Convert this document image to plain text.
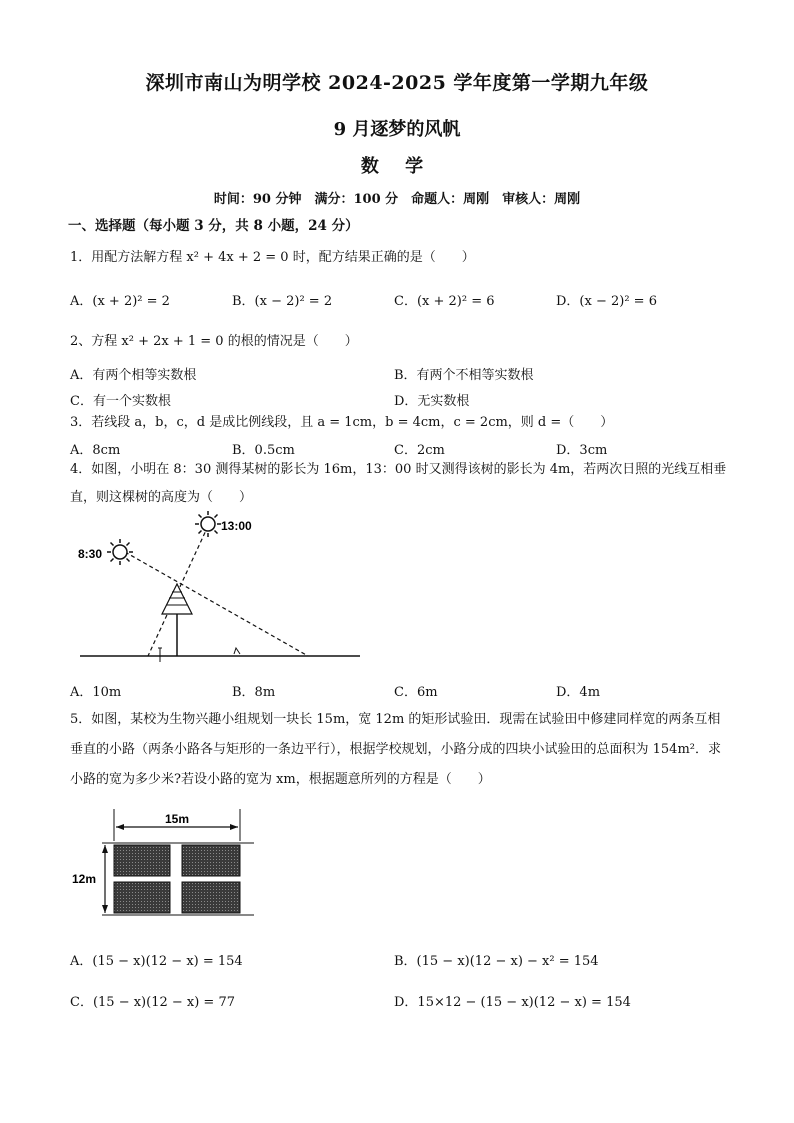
深圳市南山为明学校 2024-2025 学年度第一学期九年级
9 月逐梦的风帆
数 学
时间：90 分钟　满分：100 分　命题人：周刚　审核人：周刚
一、选择题（每小题 3 分，共 8 小题，24 分）
1．用配方法解方程 x² + 4x + 2 = 0 时，配方结果正确的是（　　）
A．(x + 2)² = 2	B．(x − 2)² = 2	C．(x + 2)² = 6	D．(x − 2)² = 6
2、方程 x² + 2x + 1 = 0 的根的情况是（　　）
A．有两个相等实数根	B．有两个不相等实数根
C．有一个实数根	D．无实数根
3．若线段 a，b，c，d 是成比例线段，且 a = 1cm，b = 4cm，c = 2cm，则 d =（　　）
A．8cm	B．0.5cm	C．2cm	D．3cm
4．如图，小明在 8：30 测得某树的影长为 16m，13：00 时又测得该树的影长为 4m，若两次日照的光线互相垂直，则这棵树的高度为（　　）
8:30
13:00
A．10m	B．8m	C．6m	D．4m
5．如图，某校为生物兴趣小组规划一块长 15m，宽 12m 的矩形试验田．现需在试验田中修建同样宽的两条互相垂直的小路（两条小路各与矩形的一条边平行），根据学校规划，小路分成的四块小试验田的总面积为 154m²．求小路的宽为多少米?若设小路的宽为 xm，根据题意所列的方程是（　　）
15m
12m
A．(15 − x)(12 − x) = 154	B．(15 − x)(12 − x) − x² = 154
C．(15 − x)(12 − x) = 77	D．15×12 − (15 − x)(12 − x) = 154
